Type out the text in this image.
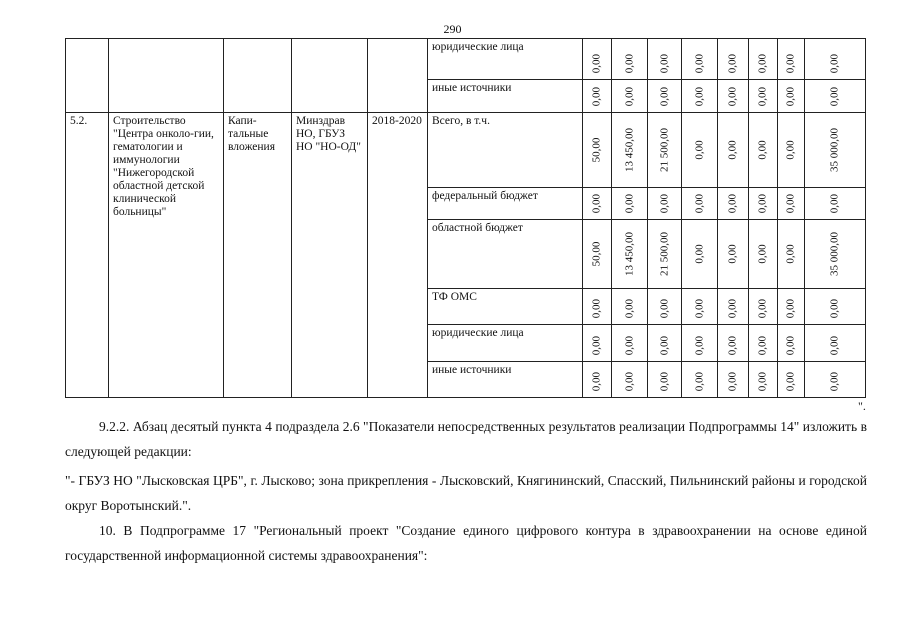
290
					юридические лица	0,00	0,00	0,00	0,00	0,00	0,00	0,00	0,00

					иные источники	0,00	0,00	0,00	0,00	0,00	0,00	0,00	0,00

5.2.	Строительство "Центра онколо-гии, гематологии и иммунологии "Нижегородской областной детской клинической больницы"	Капи-тальные вложения	Минздрав НО, ГБУЗ НО "НО-ОД"	2018-2020	Всего, в т.ч.	50,00	13 450,00	21 500,00	0,00	0,00	0,00	0,00	35 000,00

					федеральный бюджет	0,00	0,00	0,00	0,00	0,00	0,00	0,00	0,00

					областной бюджет	50,00	13 450,00	21 500,00	0,00	0,00	0,00	0,00	35 000,00

					ТФ ОМС	0,00	0,00	0,00	0,00	0,00	0,00	0,00	0,00

					юридические лица	0,00	0,00	0,00	0,00	0,00	0,00	0,00	0,00

					иные источники	0,00	0,00	0,00	0,00	0,00	0,00	0,00	0,00
".

9.2.2. Абзац десятый пункта 4 подраздела 2.6 "Показатели непосредственных результатов реализации Подпрограммы 14" изложить в следующей редакции:

"- ГБУЗ НО "Лысковская ЦРБ", г. Лысково; зона прикрепления - Лысковский, Княгининский, Спасский, Пильнинский районы и городской округ Воротынский.".

10. В Подпрограмме 17 "Региональный проект "Создание единого цифрового контура в здравоохранении на основе единой государственной информационной системы здравоохранения":
